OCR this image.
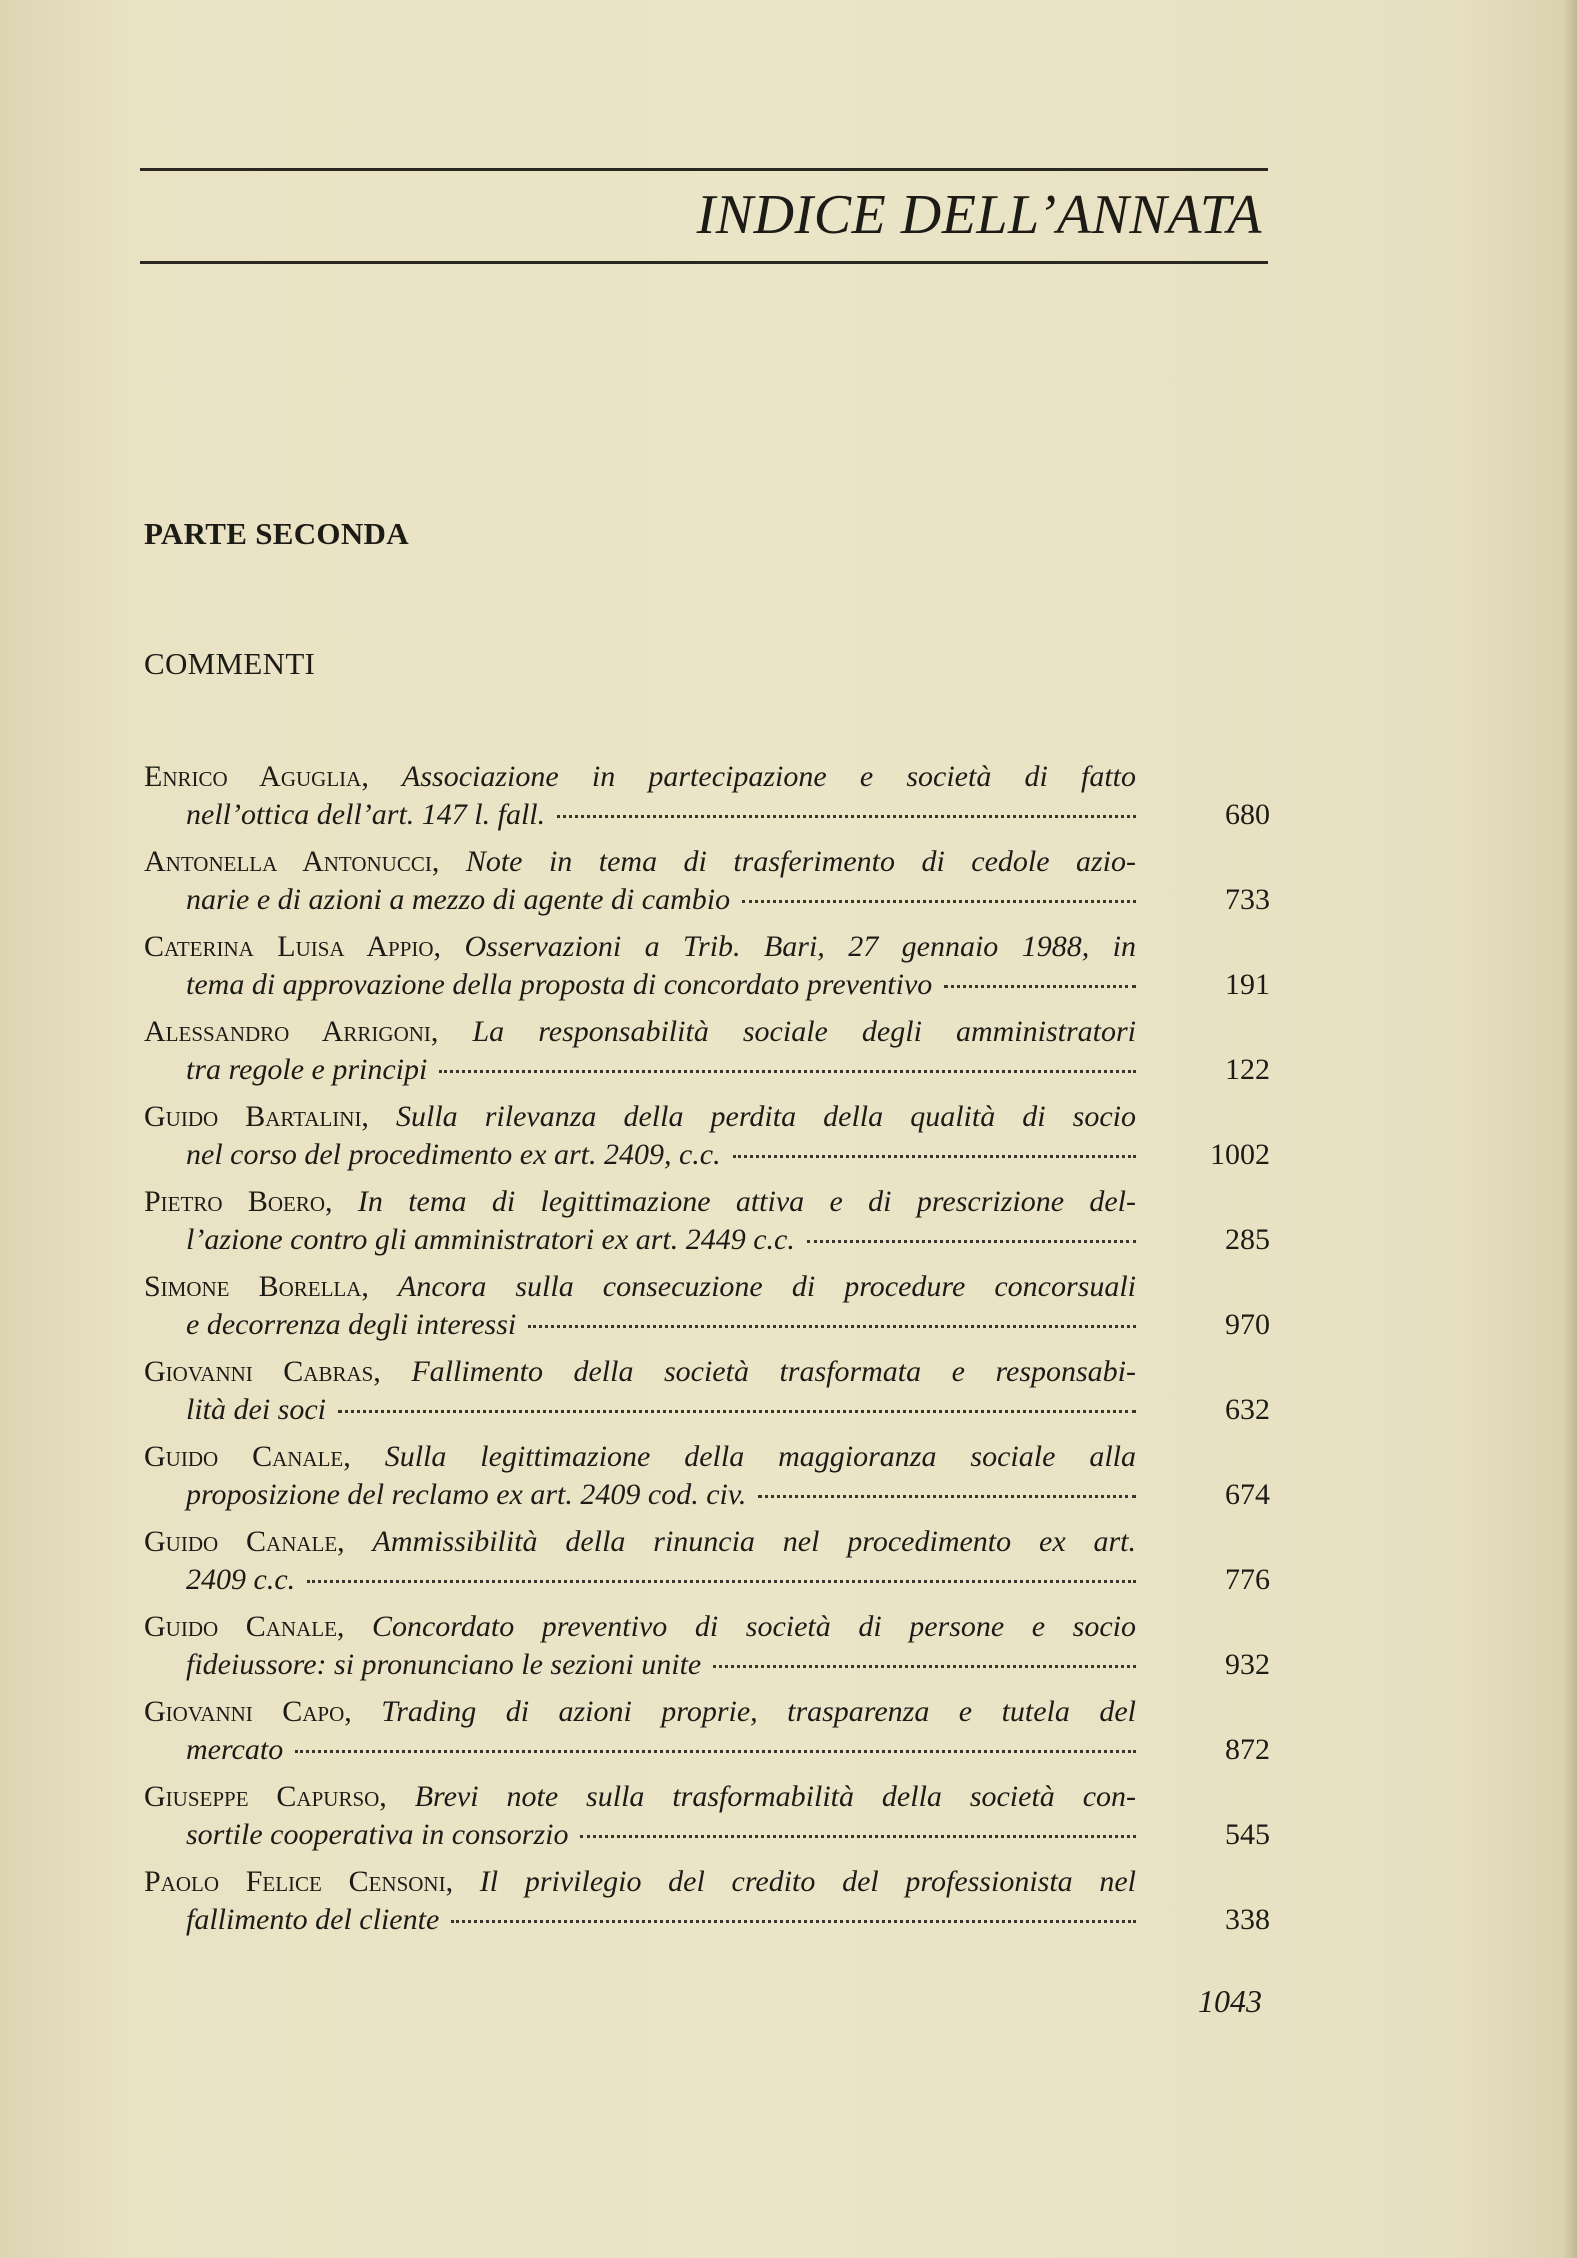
INDICE DELL’ANNATA
PARTE SECONDA
COMMENTI
Enrico Aguglia, Associazione in partecipazione e società di fatto
nell’ottica dell’art. 147 l. fall.	680
Antonella Antonucci, Note in tema di trasferimento di cedole azio-
narie e di azioni a mezzo di agente di cambio	733
Caterina Luisa Appio, Osservazioni a Trib. Bari, 27 gennaio 1988, in
tema di approvazione della proposta di concordato preventivo	191
Alessandro Arrigoni, La responsabilità sociale degli amministratori
tra regole e principi	122
Guido Bartalini, Sulla rilevanza della perdita della qualità di socio
nel corso del procedimento ex art. 2409, c.c.	1002
Pietro Boero, In tema di legittimazione attiva e di prescrizione del-
l’azione contro gli amministratori ex art. 2449 c.c.	285
Simone Borella, Ancora sulla consecuzione di procedure concorsuali
e decorrenza degli interessi	970
Giovanni Cabras, Fallimento della società trasformata e responsabi-
lità dei soci	632
Guido Canale, Sulla legittimazione della maggioranza sociale alla
proposizione del reclamo ex art. 2409 cod. civ.	674
Guido Canale, Ammissibilità della rinuncia nel procedimento ex art.
2409 c.c.	776
Guido Canale, Concordato preventivo di società di persone e socio
fideiussore: si pronunciano le sezioni unite	932
Giovanni Capo, Trading di azioni proprie, trasparenza e tutela del
mercato	872
Giuseppe Capurso, Brevi note sulla trasformabilità della società con-
sortile cooperativa in consorzio	545
Paolo Felice Censoni, Il privilegio del credito del professionista nel
fallimento del cliente	338
1043
